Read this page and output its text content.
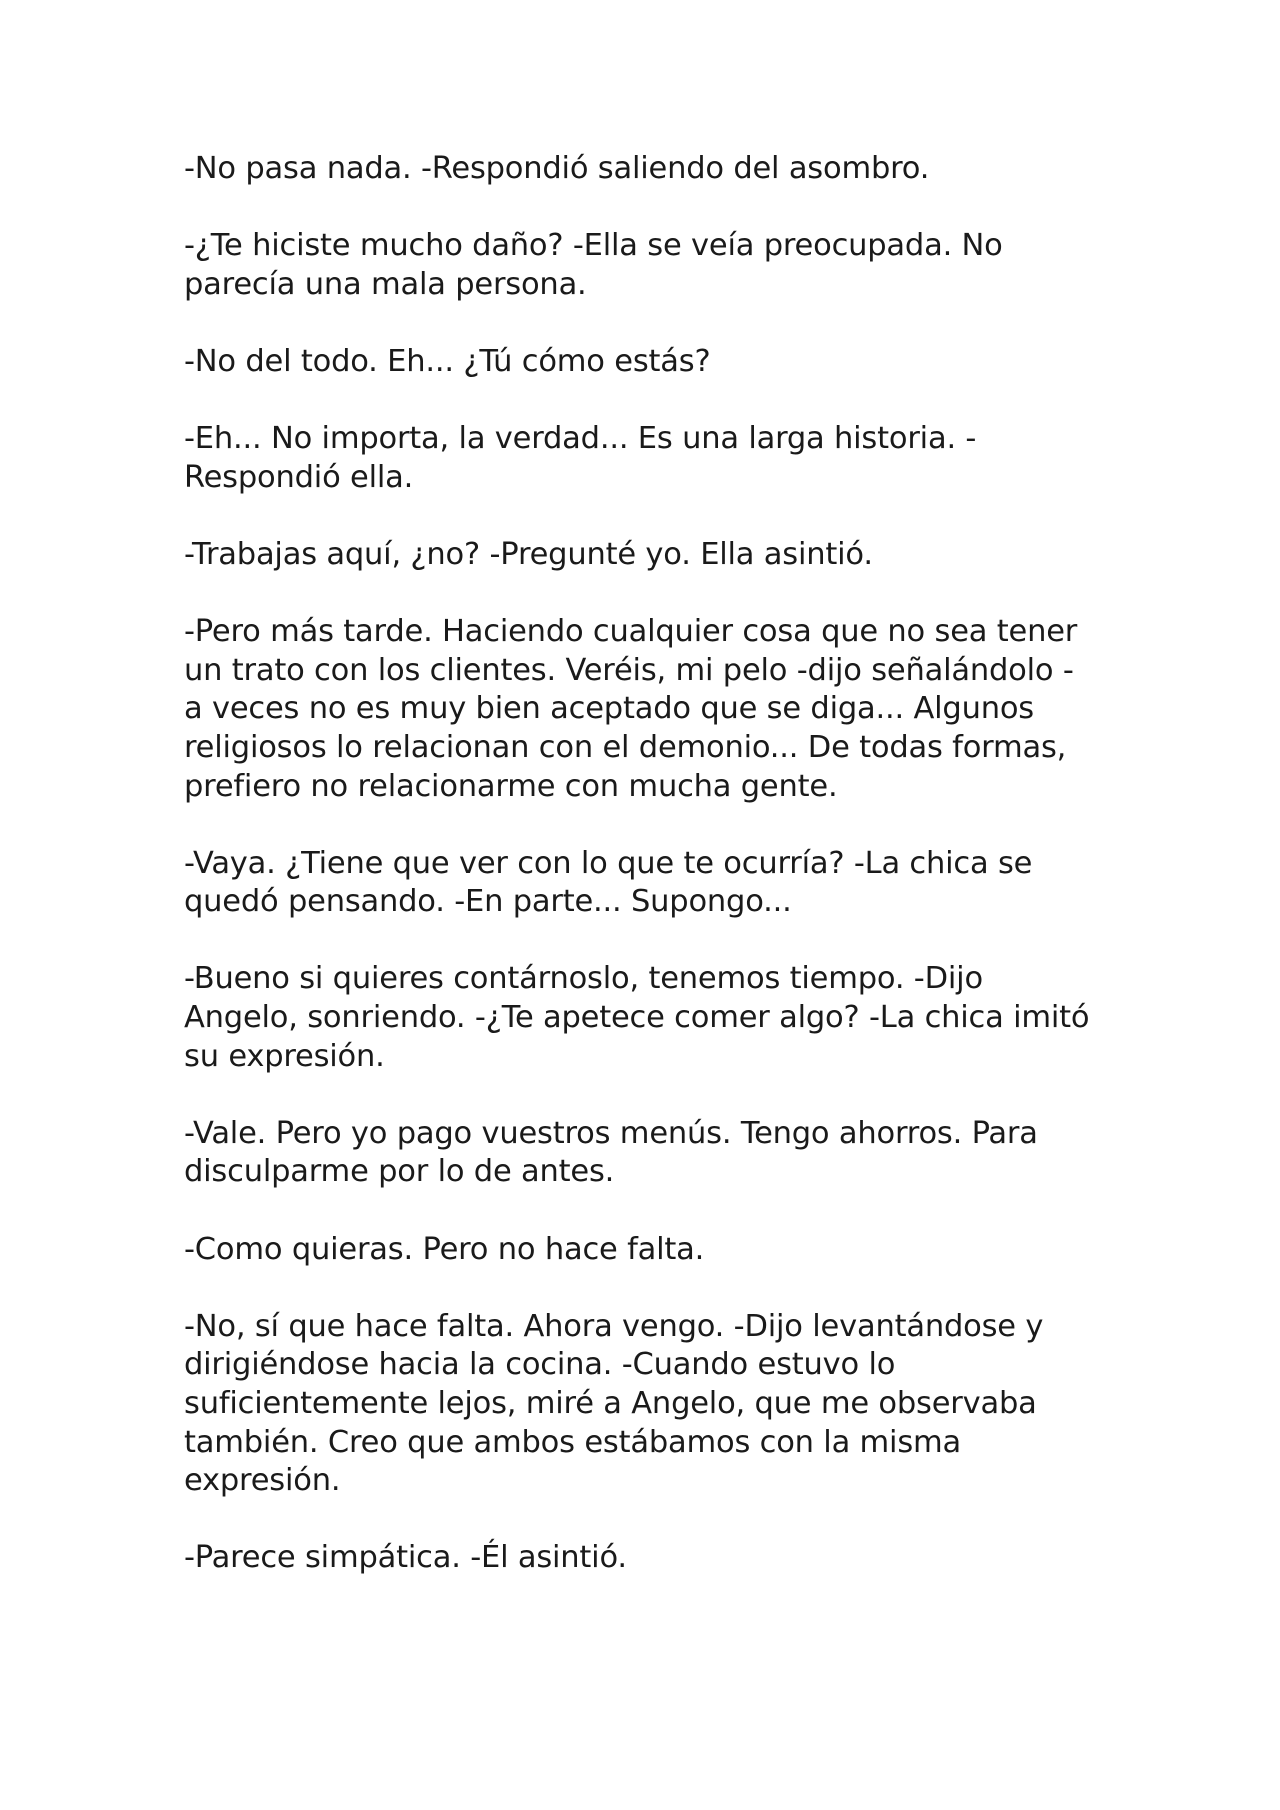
-No pasa nada. -Respondió saliendo del asombro.

-¿Te hiciste mucho daño? -Ella se veía preocupada. No parecía una mala persona.

-No del todo. Eh... ¿Tú cómo estás?

-Eh... No importa, la verdad... Es una larga historia. -Respondió ella.

-Trabajas aquí, ¿no? -Pregunté yo. Ella asintió.

-Pero más tarde. Haciendo cualquier cosa que no sea tener un trato con los clientes. Veréis, mi pelo -dijo señalándolo - a veces no es muy bien aceptado que se diga... Algunos religiosos lo relacionan con el demonio... De todas formas, prefiero no relacionarme con mucha gente.

-Vaya. ¿Tiene que ver con lo que te ocurría? -La chica se quedó pensando. -En parte... Supongo...

-Bueno si quieres contárnoslo, tenemos tiempo. -Dijo Angelo, sonriendo. -¿Te apetece comer algo? -La chica imitó su expresión.

-Vale. Pero yo pago vuestros menús. Tengo ahorros. Para disculparme por lo de antes.

-Como quieras. Pero no hace falta.

-No, sí que hace falta. Ahora vengo. -Dijo levantándose y dirigiéndose hacia la cocina. -Cuando estuvo lo suficientemente lejos, miré a Angelo, que me observaba también. Creo que ambos estábamos con la misma expresión.

-Parece simpática. -Él asintió.
